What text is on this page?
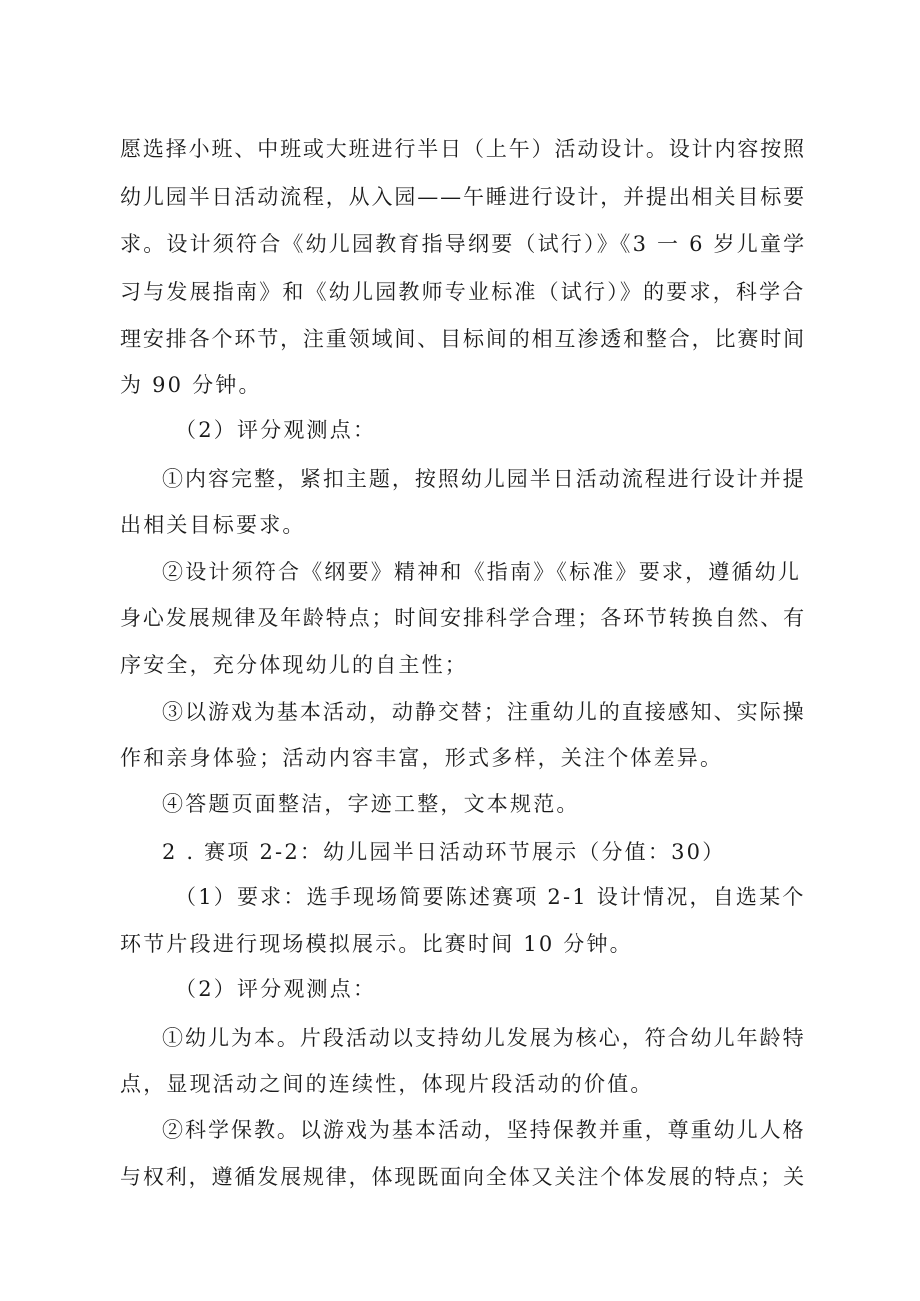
愿选择小班、中班或大班进行半日（上午）活动设计。设计内容按照
幼儿园半日活动流程，从入园——午睡进行设计，并提出相关目标要
求。设计须符合《幼儿园教育指导纲要（试行）》《3 一 6 岁儿童学
习与发展指南》和《幼儿园教师专业标准（试行）》的要求，科学合
理安排各个环节，注重领域间、目标间的相互渗透和整合，比赛时间
为 90 分钟。
（2）评分观测点：
①内容完整，紧扣主题，按照幼儿园半日活动流程进行设计并提
出相关目标要求。
②设计须符合《纲要》精神和《指南》《标准》要求，遵循幼儿
身心发展规律及年龄特点；时间安排科学合理；各环节转换自然、有
序安全，充分体现幼儿的自主性；
③以游戏为基本活动，动静交替；注重幼儿的直接感知、实际操
作和亲身体验；活动内容丰富，形式多样，关注个体差异。
④答题页面整洁，字迹工整，文本规范。
2 . 赛项 2-2：幼儿园半日活动环节展示（分值：30）
（1）要求：选手现场简要陈述赛项 2-1 设计情况，自选某个
环节片段进行现场模拟展示。比赛时间 10 分钟。
（2）评分观测点：
①幼儿为本。片段活动以支持幼儿发展为核心，符合幼儿年龄特
点，显现活动之间的连续性，体现片段活动的价值。
②科学保教。以游戏为基本活动，坚持保教并重，尊重幼儿人格
与权利，遵循发展规律，体现既面向全体又关注个体发展的特点；关
